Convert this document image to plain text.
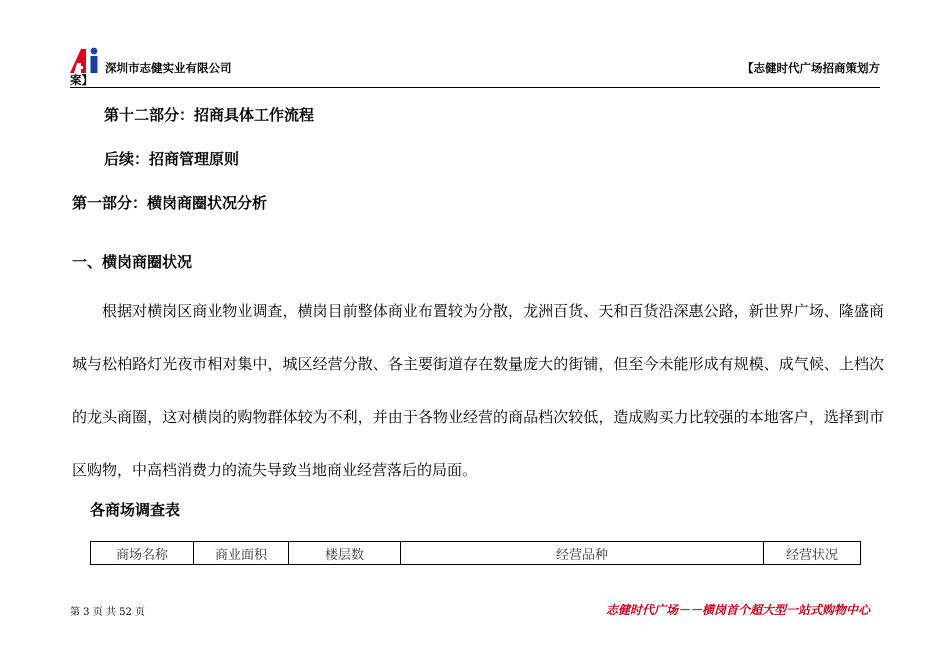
深圳市志健实业有限公司	【志健时代广场招商策划方
案】
第十二部分：招商具体工作流程
后续：招商管理原则
第一部分：横岗商圈状况分析
一、横岗商圈状况
根据对横岗区商业物业调查，横岗目前整体商业布置较为分散，龙洲百货、天和百货沿深惠公路，新世界广场、隆盛商城与松柏路灯光夜市相对集中，城区经营分散、各主要街道存在数量庞大的街铺，但至今未能形成有规模、成气候、上档次的龙头商圈，这对横岗的购物群体较为不利，并由于各物业经营的商品档次较低，造成购买力比较强的本地客户，选择到市区购物，中高档消费力的流失导致当地商业经营落后的局面。
各商场调查表
商场名称	商业面积	楼层数	经营品种	经营状况
第 3 页 共 52 页	志健时代广场－－横岗首个超大型一站式购物中心
